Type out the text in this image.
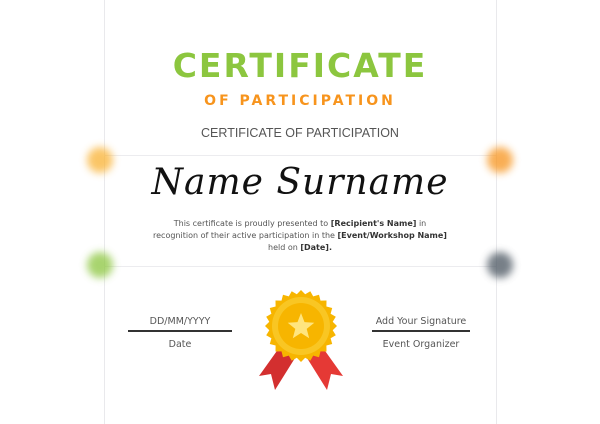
CERTIFICATE
OF PARTICIPATION
CERTIFICATE OF PARTICIPATION
Name Surname
This certificate is proudly presented to [Recipient's Name] in recognition of their active participation in the [Event/Workshop Name] held on [Date].
DD/MM/YYYY
Date
Add Your Signature
Event Organizer
